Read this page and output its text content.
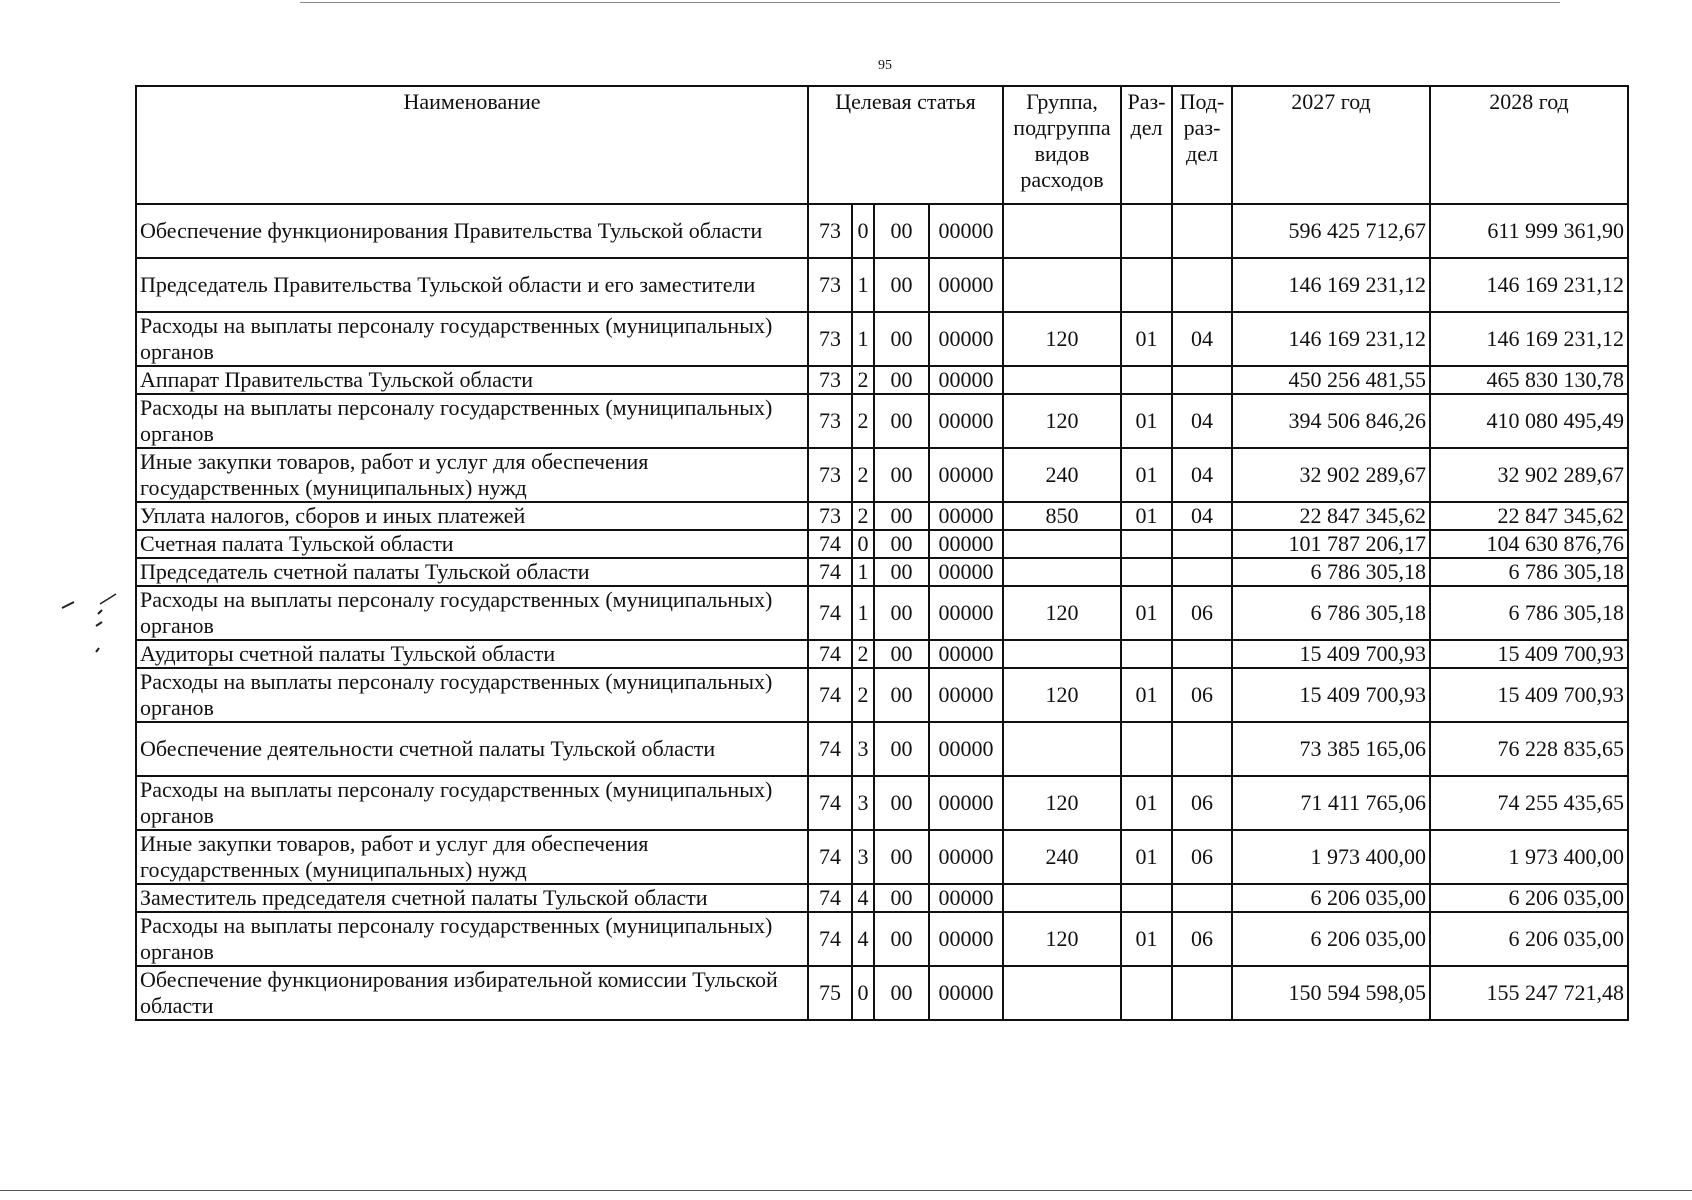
95
Наименование	Целевая статья				Группа, подгруппа видов расходов	Раз-дел	Под-раз-дел	2027 год	2028 год
Обеспечение функционирования Правительства Тульской области	73	0	00	00000				596 425 712,67	611 999 361,90
Председатель Правительства Тульской области и его заместители	73	1	00	00000				146 169 231,12	146 169 231,12
Расходы на выплаты персоналу государственных (муниципальных) органов	73	1	00	00000	120	01	04	146 169 231,12	146 169 231,12
Аппарат Правительства Тульской области	73	2	00	00000				450 256 481,55	465 830 130,78
Расходы на выплаты персоналу государственных (муниципальных) органов	73	2	00	00000	120	01	04	394 506 846,26	410 080 495,49
Иные закупки товаров, работ и услуг для обеспечения государственных (муниципальных) нужд	73	2	00	00000	240	01	04	32 902 289,67	32 902 289,67
Уплата налогов, сборов и иных платежей	73	2	00	00000	850	01	04	22 847 345,62	22 847 345,62
Счетная палата Тульской области	74	0	00	00000				101 787 206,17	104 630 876,76
Председатель счетной палаты Тульской области	74	1	00	00000				6 786 305,18	6 786 305,18
Расходы на выплаты персоналу государственных (муниципальных) органов	74	1	00	00000	120	01	06	6 786 305,18	6 786 305,18
Аудиторы счетной палаты Тульской области	74	2	00	00000				15 409 700,93	15 409 700,93
Расходы на выплаты персоналу государственных (муниципальных) органов	74	2	00	00000	120	01	06	15 409 700,93	15 409 700,93
Обеспечение деятельности счетной палаты Тульской области	74	3	00	00000				73 385 165,06	76 228 835,65
Расходы на выплаты персоналу государственных (муниципальных) органов	74	3	00	00000	120	01	06	71 411 765,06	74 255 435,65
Иные закупки товаров, работ и услуг для обеспечения государственных (муниципальных) нужд	74	3	00	00000	240	01	06	1 973 400,00	1 973 400,00
Заместитель председателя счетной палаты Тульской области	74	4	00	00000				6 206 035,00	6 206 035,00
Расходы на выплаты персоналу государственных (муниципальных) органов	74	4	00	00000	120	01	06	6 206 035,00	6 206 035,00
Обеспечение функционирования избирательной комиссии Тульской области	75	0	00	00000				150 594 598,05	155 247 721,48
